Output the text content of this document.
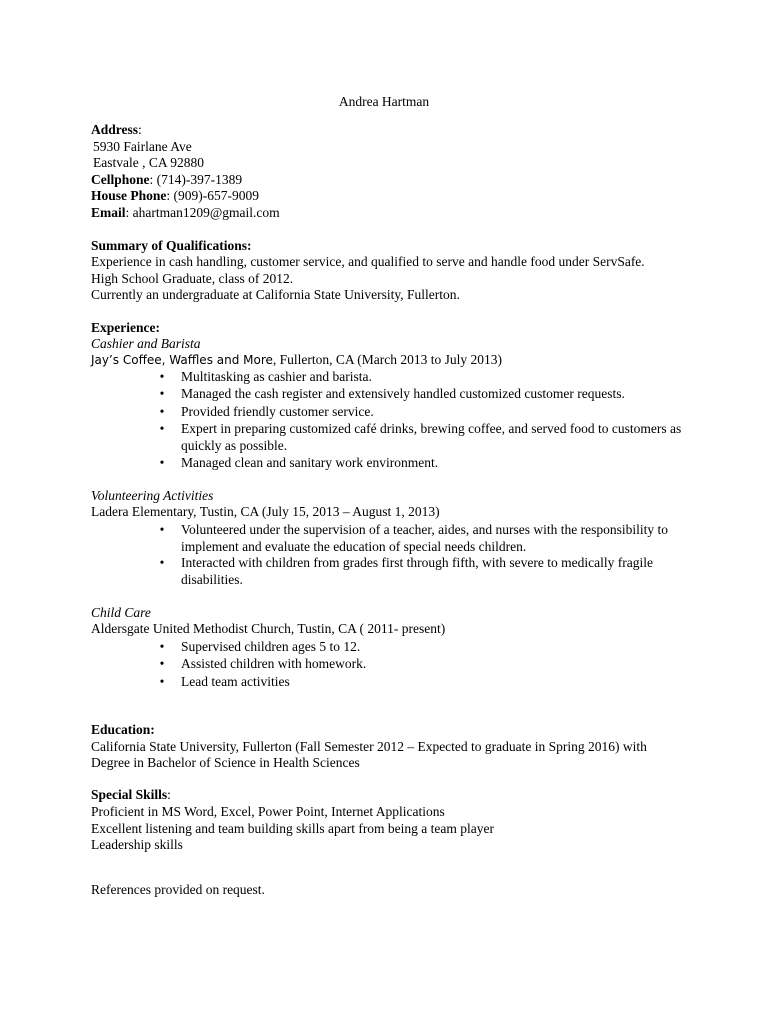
Andrea Hartman
Address:
5930 Fairlane Ave
Eastvale , CA 92880
Cellphone: (714)-397-1389
House Phone: (909)-657-9009
Email: ahartman1209@gmail.com
Summary of Qualifications:
Experience in cash handling, customer service, and qualified to serve and handle food under ServSafe.
High School Graduate, class of 2012.
Currently an undergraduate at California State University, Fullerton.
Experience:
Cashier and Barista
Jay’s Coffee, Waffles and More, Fullerton, CA (March 2013 to July 2013)
• Multitasking as cashier and barista.
• Managed the cash register and extensively handled customized customer requests.
• Provided friendly customer service.
• Expert in preparing customized café drinks, brewing coffee, and served food to customers as quickly as possible.
• Managed clean and sanitary work environment.
Volunteering Activities
Ladera Elementary, Tustin, CA (July 15, 2013 – August 1, 2013)
• Volunteered under the supervision of a teacher, aides, and nurses with the responsibility to implement and evaluate the education of special needs children.
• Interacted with children from grades first through fifth, with severe to medically fragile disabilities.
Child Care
Aldersgate United Methodist Church, Tustin, CA ( 2011- present)
• Supervised children ages 5 to 12.
• Assisted children with homework.
• Lead team activities
Education:
California State University, Fullerton (Fall Semester 2012 – Expected to graduate in Spring 2016) with
Degree in Bachelor of Science in Health Sciences
Special Skills:
Proficient in MS Word, Excel, Power Point, Internet Applications
Excellent listening and team building skills apart from being a team player
Leadership skills
References provided on request.
